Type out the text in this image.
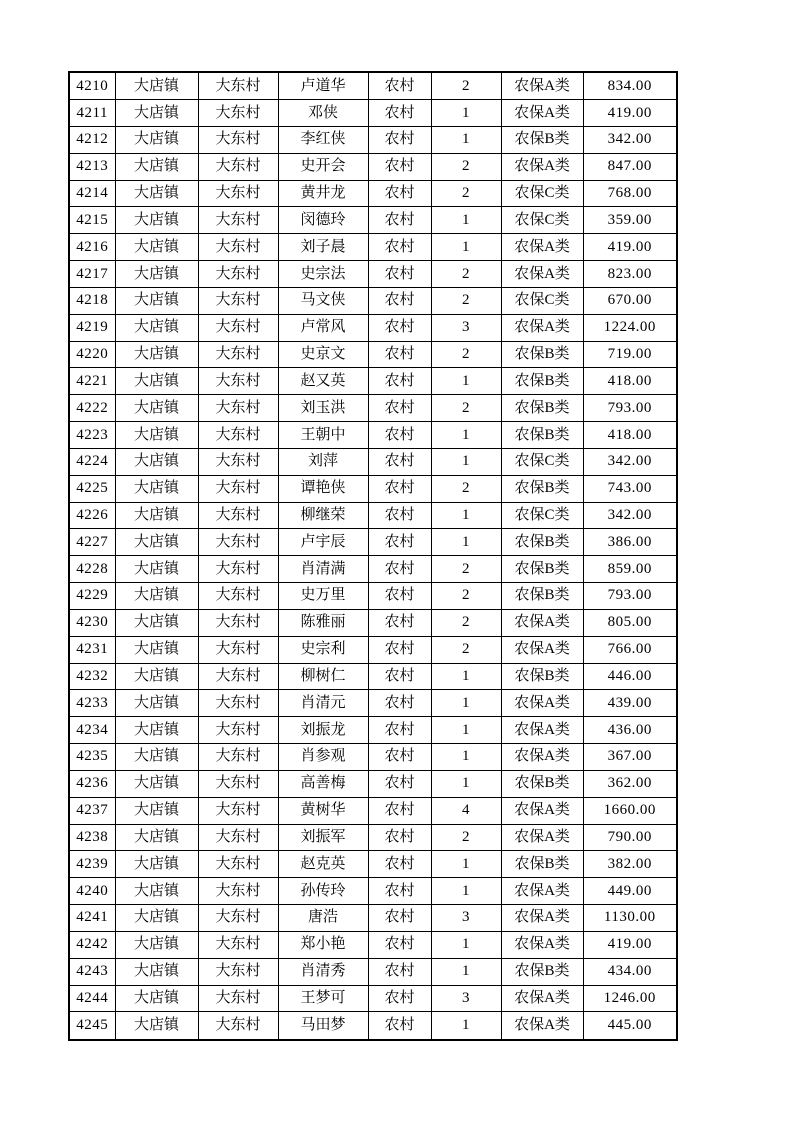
4210	大店镇	大东村	卢道华	农村	2	农保A类	834.00
4211	大店镇	大东村	邓侠	农村	1	农保A类	419.00
4212	大店镇	大东村	李红侠	农村	1	农保B类	342.00
4213	大店镇	大东村	史开会	农村	2	农保A类	847.00
4214	大店镇	大东村	黄井龙	农村	2	农保C类	768.00
4215	大店镇	大东村	闵德玲	农村	1	农保C类	359.00
4216	大店镇	大东村	刘子晨	农村	1	农保A类	419.00
4217	大店镇	大东村	史宗法	农村	2	农保A类	823.00
4218	大店镇	大东村	马文侠	农村	2	农保C类	670.00
4219	大店镇	大东村	卢常风	农村	3	农保A类	1224.00
4220	大店镇	大东村	史京文	农村	2	农保B类	719.00
4221	大店镇	大东村	赵又英	农村	1	农保B类	418.00
4222	大店镇	大东村	刘玉洪	农村	2	农保B类	793.00
4223	大店镇	大东村	王朝中	农村	1	农保B类	418.00
4224	大店镇	大东村	刘萍	农村	1	农保C类	342.00
4225	大店镇	大东村	谭艳侠	农村	2	农保B类	743.00
4226	大店镇	大东村	柳继荣	农村	1	农保C类	342.00
4227	大店镇	大东村	卢宇辰	农村	1	农保B类	386.00
4228	大店镇	大东村	肖清满	农村	2	农保B类	859.00
4229	大店镇	大东村	史万里	农村	2	农保B类	793.00
4230	大店镇	大东村	陈雅丽	农村	2	农保A类	805.00
4231	大店镇	大东村	史宗利	农村	2	农保A类	766.00
4232	大店镇	大东村	柳树仁	农村	1	农保B类	446.00
4233	大店镇	大东村	肖清元	农村	1	农保A类	439.00
4234	大店镇	大东村	刘振龙	农村	1	农保A类	436.00
4235	大店镇	大东村	肖参观	农村	1	农保A类	367.00
4236	大店镇	大东村	高善梅	农村	1	农保B类	362.00
4237	大店镇	大东村	黄树华	农村	4	农保A类	1660.00
4238	大店镇	大东村	刘振军	农村	2	农保A类	790.00
4239	大店镇	大东村	赵克英	农村	1	农保B类	382.00
4240	大店镇	大东村	孙传玲	农村	1	农保A类	449.00
4241	大店镇	大东村	唐浩	农村	3	农保A类	1130.00
4242	大店镇	大东村	郑小艳	农村	1	农保A类	419.00
4243	大店镇	大东村	肖清秀	农村	1	农保B类	434.00
4244	大店镇	大东村	王梦可	农村	3	农保A类	1246.00
4245	大店镇	大东村	马田梦	农村	1	农保A类	445.00
